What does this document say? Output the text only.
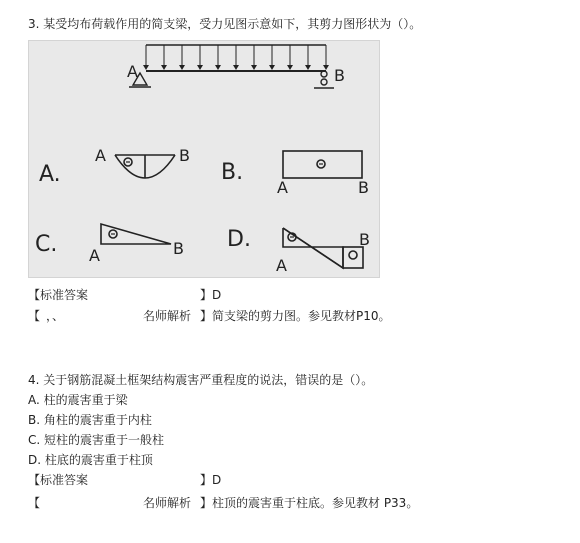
3. 某受均布荷载作用的简支梁，受力见图示意如下，其剪力图形状为（）。
A	B
A.
A	B
B.
A	B
C. A	B D.
A
B
【标准答案	】D
【 ，、	名师解析 】简支梁的剪力图。参见教材P10。
4. 关于钢筋混凝土框架结构震害严重程度的说法，错误的是（）。
A. 柱的震害重于梁
B. 角柱的震害重于内柱
C. 短柱的震害重于一般柱
D. 柱底的震害重于柱顶
【标准答案	】D
【	名师解析 】柱顶的震害重于柱底。参见教材 P33。
